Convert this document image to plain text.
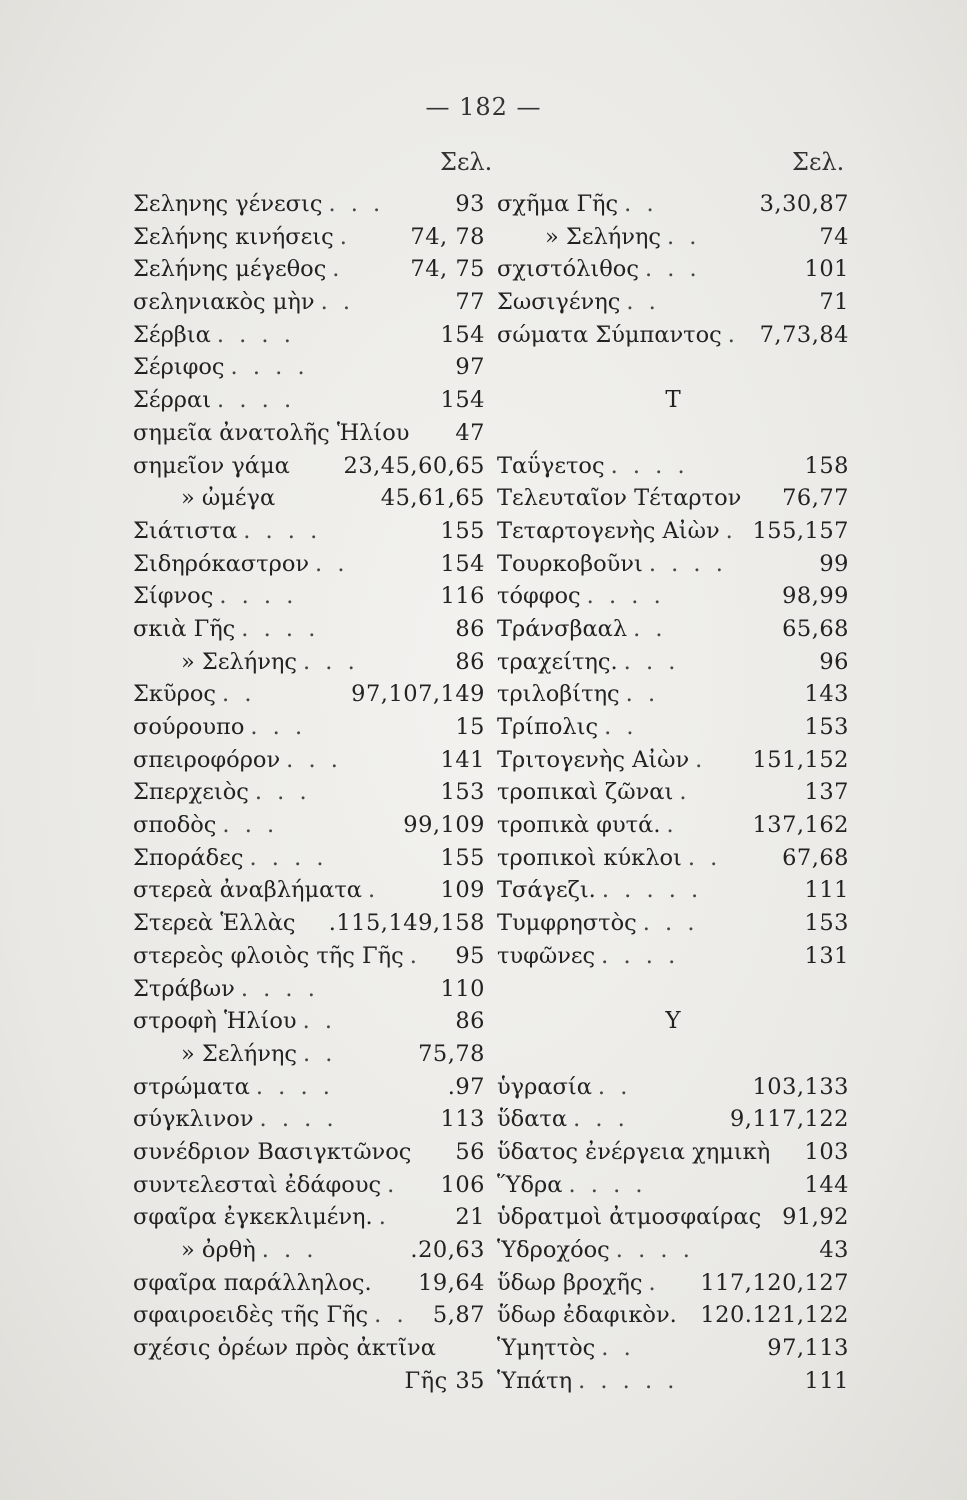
— 182 —
Σελ.	Σελ.
Σεληνης γένεσις . . .	93
Σελήνης κινήσεις .	74, 78
Σελήνης μέγεθος .	74, 75
σεληνιακὸς μὴν . .	77
Σέρβια . . . .	154
Σέριφος . . . .	97
Σέρραι . . . .	154
σημεῖα ἀνατολῆς Ἡλίου 47
σημεῖον γάμα 23,45,60,65
» ὠμέγα	45,61,65
Σιάτιστα . . . .	155
Σιδηρόκαστρον . .	154
Σίφνος . . . .	116
σκιὰ Γῆς . . . .	86
» Σελήνης . . .	86
Σκῦρος . .	97,107,149
σούρουπο . . .	15
σπειροφόρον . . .	141
Σπερχειὸς . . .	153
σποδὸς . . .	99,109
Σποράδες . . . .	155
στερεὰ ἀναβλήματα .	109
Στερεὰ Ἑλλὰς .115,149,158
στερεὸς φλοιὸς τῆς Γῆς .	95
Στράβων . . . .	110
στροφὴ Ἡλίου . .	86
» Σελήνης . .	75,78
στρώματα . . . .	.97
σύγκλινον . . . .	113
συνέδριον Βασιγκτῶνος 56
συντελεσταὶ ἐδάφους .	106
σφαῖρα ἐγκεκλιμένη. .	21
» ὀρθὴ . . .	.20,63
σφαῖρα παράλληλος. 19,64
σφαιροειδὲς τῆς Γῆς . .	5,87
σχέσις ὀρέων πρὸς ἀκτῖνα
Γῆς 35
σχῆμα Γῆς . .	3,30,87
» Σελήνης . .	74
σχιστόλιθος . . .	101
Σωσιγένης . .	71
σώματα Σύμπαντος . 7,73,84
Τ
Ταΰγετος . . . .	158
Τελευταῖον Τέταρτον 76,77
Τεταρτογενὴς Αἰὼν . 155,157
Τουρκοβοῦνι . . . .	99
τόφφος . . . .	98,99
Τράνσβααλ . .	65,68
τραχείτης. . . .	96
τριλοβίτης . .	143
Τρίπολις . .	153
Τριτογενὴς Αἰὼν .	151,152
τροπικαὶ ζῶναι .	137
τροπικὰ φυτά. .	137,162
τροπικοὶ κύκλοι . .	67,68
Τσάγεζι. . . . . .	111
Τυμφρηστὸς . . .	153
τυφῶνες . . . .	131
Υ
ὑγρασία . .	103,133
ὕδατα . . .	9,117,122
ὕδατος ἐνέργεια χημικὴ 103
Ὕδρα . . . .	144
ὑδρατμοὶ ἀτμοσφαίρας 91,92
Ὑδροχόος . . . .	43
ὕδωρ βροχῆς .	117,120,127
ὕδωρ ἐδαφικὸν. 120.121,122
Ὑμηττὸς . .	97,113
Ὑπάτη . . . . .	111
